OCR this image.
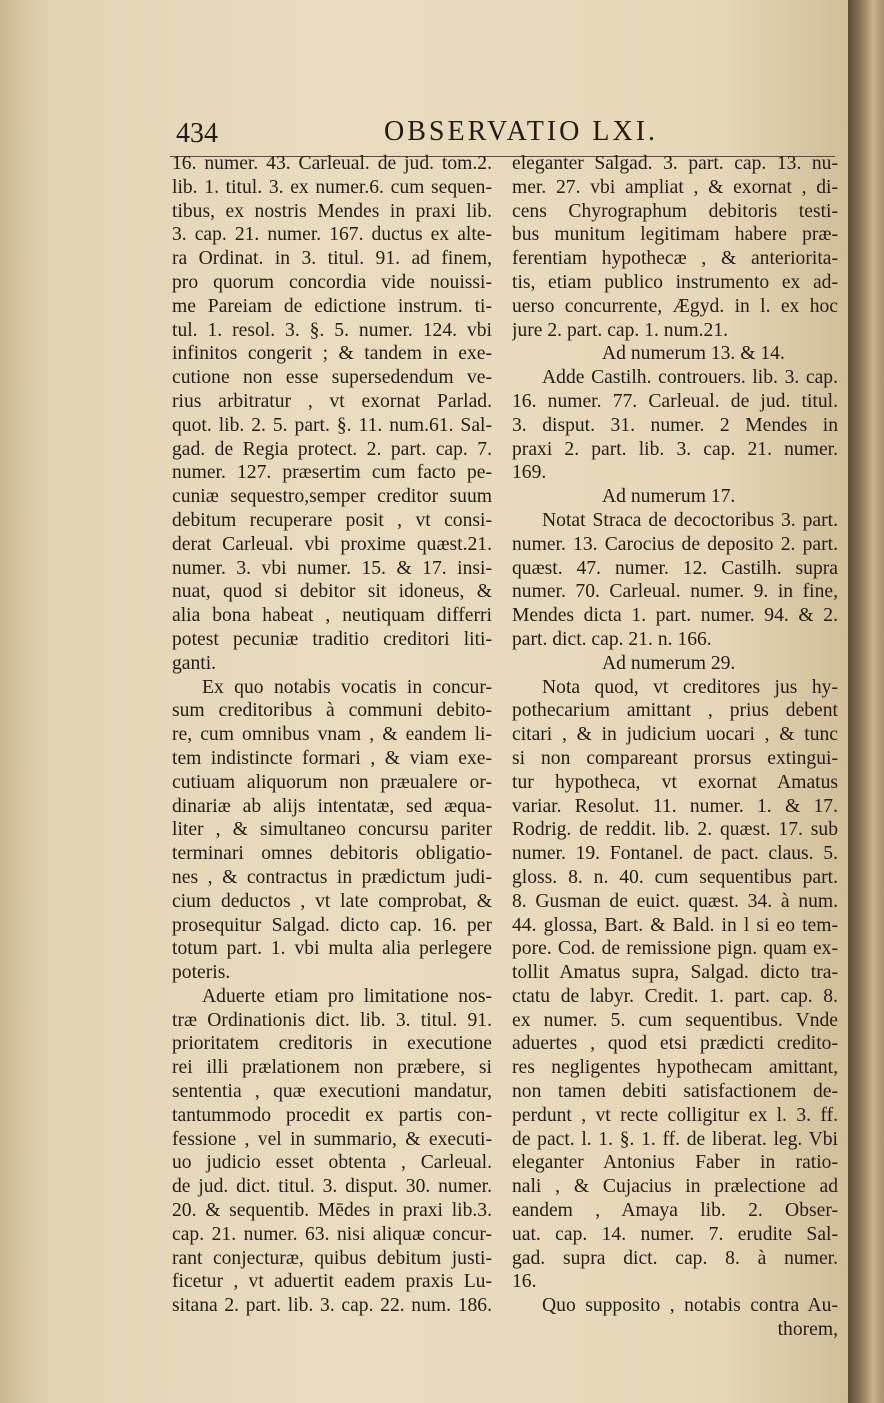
434	OBSERVATIO LXI.
16. numer. 43. Carleual. de jud. tom.2.
lib. 1. titul. 3. ex numer.6. cum sequen-
tibus, ex nostris Mendes in praxi lib.
3. cap. 21. numer. 167. ductus ex alte-
ra Ordinat. in 3. titul. 91. ad finem,
pro quorum concordia vide nouissi-
me Pareiam de edictione instrum. ti-
tul. 1. resol. 3. §. 5. numer. 124. vbi
infinitos congerit ; & tandem in exe-
cutione non esse supersedendum ve-
rius arbitratur , vt exornat Parlad.
quot. lib. 2. 5. part. §. 11. num.61. Sal-
gad. de Regia protect. 2. part. cap. 7.
numer. 127. præsertim cum facto pe-
cuniæ sequestro,semper creditor suum
debitum recuperare posit , vt consi-
derat Carleual. vbi proxime quæst.21.
numer. 3. vbi numer. 15. & 17. insi-
nuat, quod si debitor sit idoneus, &
alia bona habeat , neutiquam differri
potest pecuniæ traditio creditori liti-
ganti.
Ex quo notabis vocatis in concur-
sum creditoribus à communi debito-
re, cum omnibus vnam , & eandem li-
tem indistincte formari , & viam exe-
cutiuam aliquorum non præualere or-
dinariæ ab alijs intentatæ, sed æqua-
liter , & simultaneo concursu pariter
terminari omnes debitoris obligatio-
nes , & contractus in prædictum judi-
cium deductos , vt late comprobat, &
prosequitur Salgad. dicto cap. 16. per
totum part. 1. vbi multa alia perlegere
poteris.
Aduerte etiam pro limitatione nos-
træ Ordinationis dict. lib. 3. titul. 91.
prioritatem creditoris in executione
rei illi prælationem non præbere, si
sententia , quæ executioni mandatur,
tantummodo procedit ex partis con-
fessione , vel in summario, & executi-
uo judicio esset obtenta , Carleual.
de jud. dict. titul. 3. disput. 30. numer.
20. & sequentib. Mēdes in praxi lib.3.
cap. 21. numer. 63. nisi aliquæ concur-
rant conjecturæ, quibus debitum justi-
ficetur , vt aduertit eadem praxis Lu-
sitana 2. part. lib. 3. cap. 22. num. 186.
eleganter Salgad. 3. part. cap. 13. nu-
mer. 27. vbi ampliat , & exornat , di-
cens Chyrographum debitoris testi-
bus munitum legitimam habere præ-
ferentiam hypothecæ , & anteriorita-
tis, etiam publico instrumento ex ad-
uerso concurrente, Ægyd. in l. ex hoc
jure 2. part. cap. 1. num.21.
Ad numerum 13. & 14.
Adde Castilh. controuers. lib. 3. cap.
16. numer. 77. Carleual. de jud. titul.
3. disput. 31. numer. 2 Mendes in
praxi 2. part. lib. 3. cap. 21. numer.
169.
Ad numerum 17.
Notat Straca de decoctoribus 3. part.
numer. 13. Carocius de deposito 2. part.
quæst. 47. numer. 12. Castilh. supra
numer. 70. Carleual. numer. 9. in fine,
Mendes dicta 1. part. numer. 94. & 2.
part. dict. cap. 21. n. 166.
Ad numerum 29.
Nota quod, vt creditores jus hy-
pothecarium amittant , prius debent
citari , & in judicium uocari , & tunc
si non compareant prorsus extingui-
tur hypotheca, vt exornat Amatus
variar. Resolut. 11. numer. 1. & 17.
Rodrig. de reddit. lib. 2. quæst. 17. sub
numer. 19. Fontanel. de pact. claus. 5.
gloss. 8. n. 40. cum sequentibus part.
8. Gusman de euict. quæst. 34. à num.
44. glossa, Bart. & Bald. in l si eo tem-
pore. Cod. de remissione pign. quam ex-
tollit Amatus supra, Salgad. dicto tra-
ctatu de labyr. Credit. 1. part. cap. 8.
ex numer. 5. cum sequentibus. Vnde
aduertes , quod etsi prædicti credito-
res negligentes hypothecam amittant,
non tamen debiti satisfactionem de-
perdunt , vt recte colligitur ex l. 3. ff.
de pact. l. 1. §. 1. ff. de liberat. leg. Vbi
eleganter Antonius Faber in ratio-
nali , & Cujacius in prælectione ad
eandem , Amaya lib. 2. Obser-
uat. cap. 14. numer. 7. erudite Sal-
gad. supra dict. cap. 8. à numer.
16.
Quo supposito , notabis contra Au-
thorem,
